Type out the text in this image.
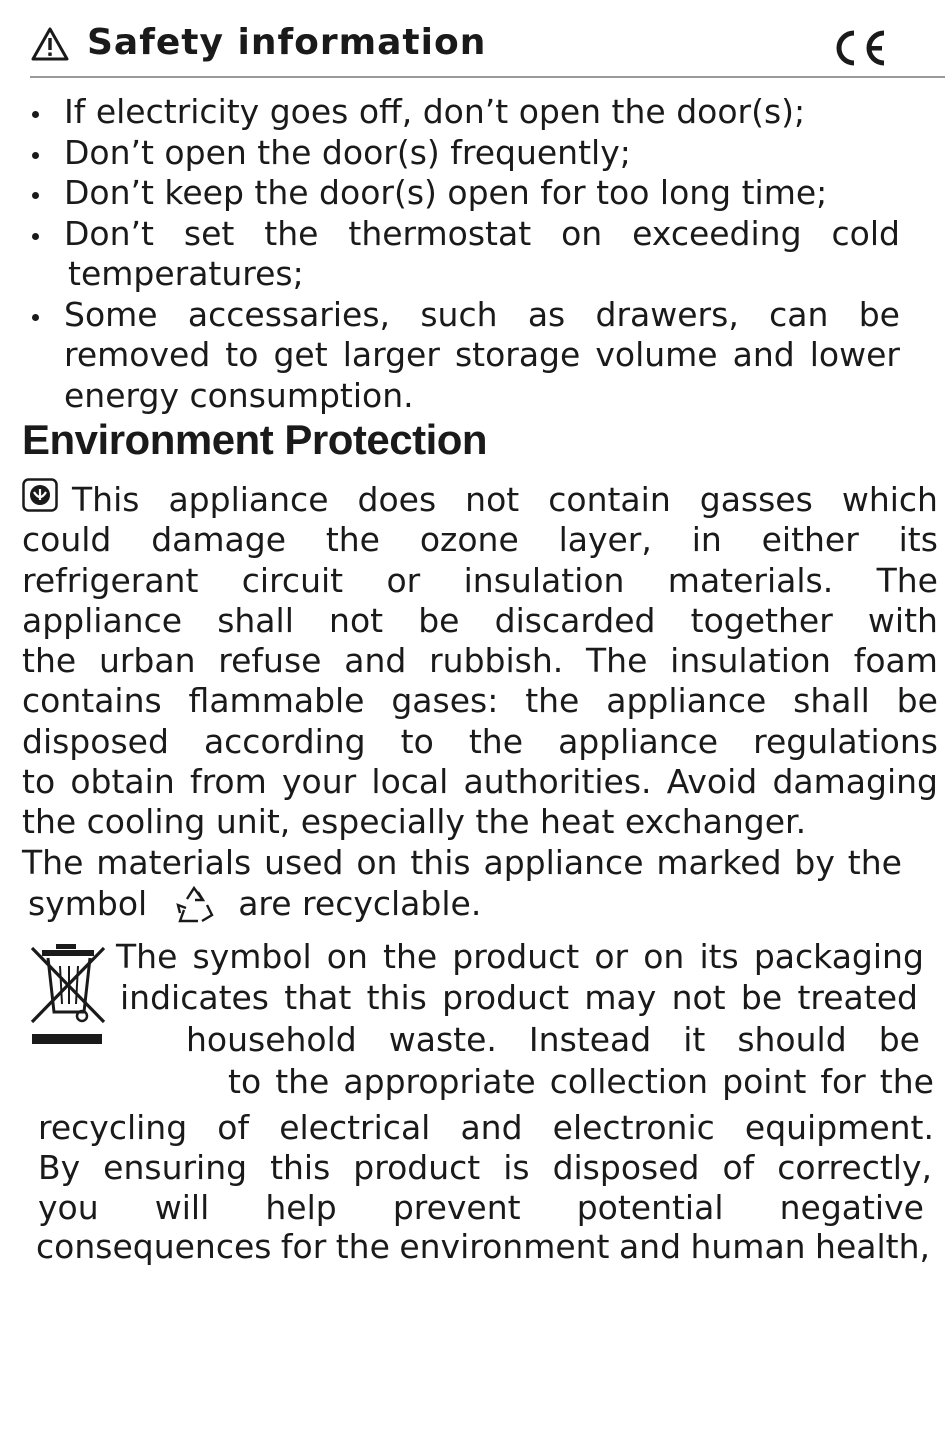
Safety information
If electricity goes off, don’t open the door(s);
Don’t open the door(s) frequently;
Don’t keep the door(s) open for too long time;
Don’t set the thermostat on exceeding cold
temperatures;
Some accessaries, such as drawers, can be
removed to get larger storage volume and lower
energy consumption.
Environment Protection
This appliance does not contain gasses which
could damage the ozone layer, in either its
refrigerant circuit or insulation materials. The
appliance shall not be discarded together with
the urban refuse and rubbish. The insulation foam
contains flammable gases: the appliance shall be
disposed according to the appliance regulations
to obtain from your local authorities. Avoid damaging
the cooling unit, especially the heat exchanger.
The materials used on this appliance marked by the
symbol	are recyclable.
The symbol on the product or on its packaging
indicates that this product may not be treated
household waste. Instead it should be
to the appropriate collection point for the
recycling of electrical and electronic equipment.
By ensuring this product is disposed of correctly,
you will help prevent potential negative
consequences for the environment and human health,
